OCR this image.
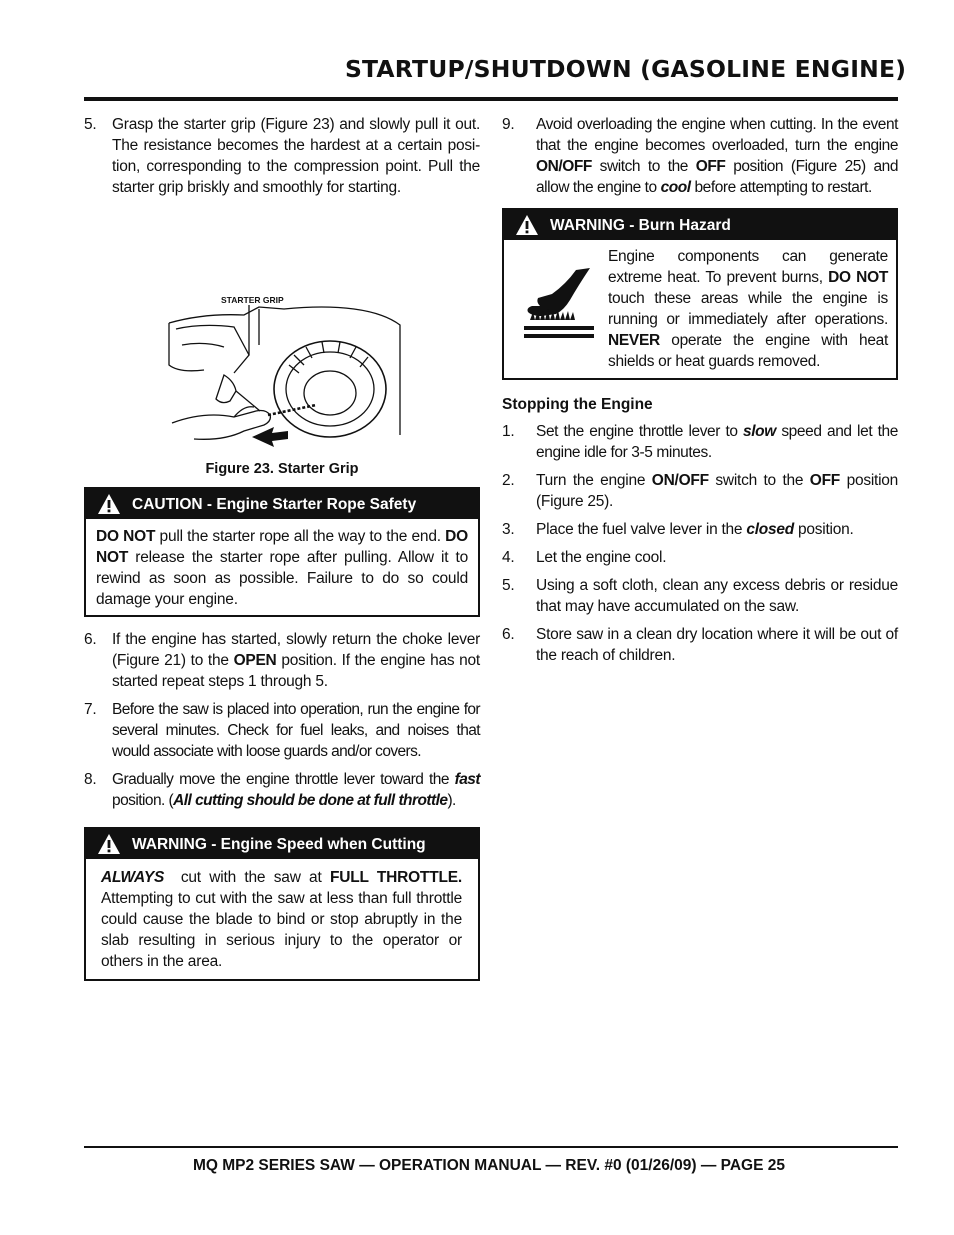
STARTUP/SHUTDOWN (GASOLINE ENGINE)
5.	Grasp the starter grip (Figure 23) and slowly pull it out. The resistance becomes the hardest at a certain posi-tion, corresponding to the compression point. Pull the starter grip briskly and smoothly for starting.
STARTER GRIP
Figure 23. Starter Grip
CAUTION - Engine Starter Rope Safety
DO NOT pull the starter rope all the way to the end. DO NOT release the starter rope after pulling. Allow it to rewind as soon as possible. Failure to do so could damage your engine.
6.	If the engine has started, slowly return the choke lever (Figure 21) to the OPEN position. If the engine has not started repeat steps 1 through 5.
7.	Before the saw is placed into operation, run the engine for several minutes. Check for fuel leaks, and noises that would associate with loose guards and/or covers.
8.	Gradually move the engine throttle lever toward the fast position. (All cutting should be done at full throttle).
WARNING - Engine Speed when Cutting
ALWAYS  cut with the saw at FULL THROTTLE. Attempting to cut with the saw at less than full throttle could cause the blade to bind or stop abruptly in the slab resulting in serious injury to the operator or others in the area.
9.	Avoid overloading the engine when cutting. In the event that the engine becomes overloaded, turn the engine ON/OFF switch to the OFF position (Figure 25) and allow the engine to cool before attempting to restart.
WARNING - Burn Hazard
Engine components can generate extreme heat. To prevent burns, DO NOT touch these areas while the engine is running or immediately after operations. NEVER operate the engine with heat shields or heat guards removed.
Stopping the Engine
1.	Set the engine throttle lever to slow speed and let the engine idle for 3-5 minutes.
2.	Turn the engine ON/OFF switch to the OFF position (Figure 25).
3.	Place the fuel valve lever in the closed position.
4.	Let the engine cool.
5.	Using a soft cloth, clean any excess debris or residue that may have accumulated on the saw.
6.	Store saw in a clean dry location where it will be out of the reach of children.
MQ MP2 SERIES SAW — OPERATION MANUAL — REV. #0 (01/26/09) — PAGE 25
